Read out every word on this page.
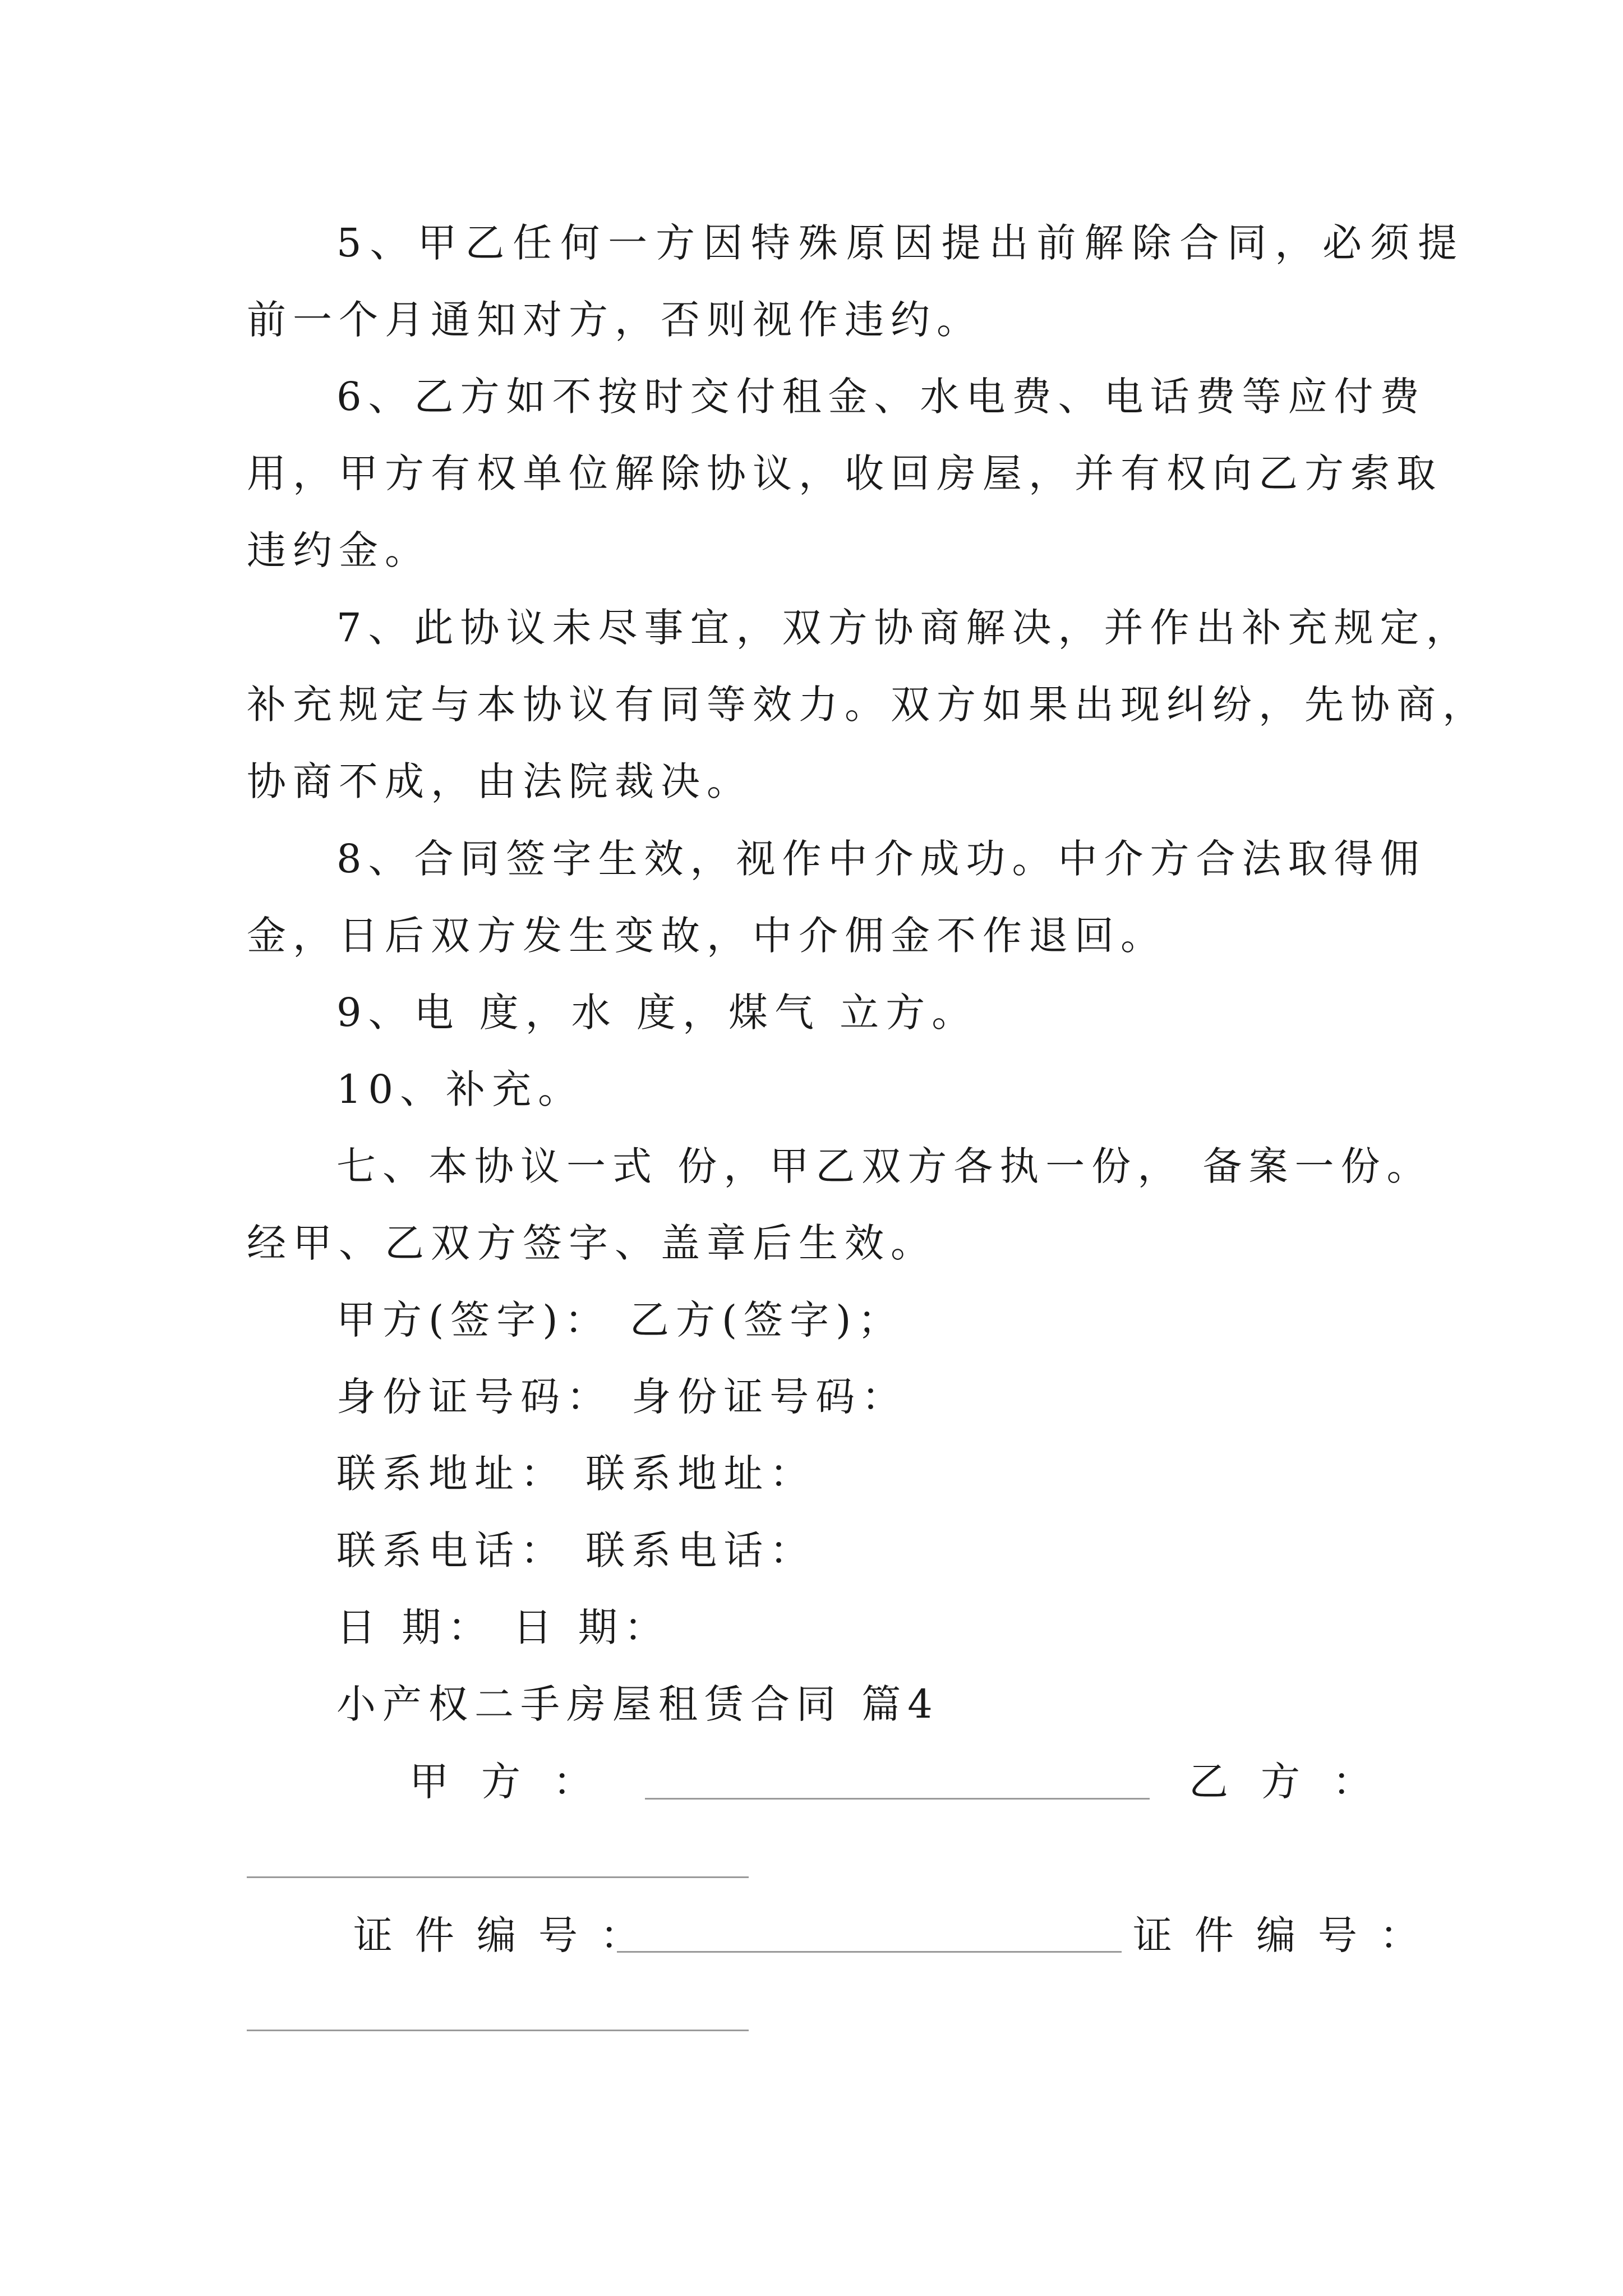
5、甲乙任何一方因特殊原因提出前解除合同，必须提
前一个月通知对方，否则视作违约。
6、乙方如不按时交付租金、水电费、电话费等应付费
用，甲方有权单位解除协议，收回房屋，并有权向乙方索取
违约金。
7、此协议未尽事宜，双方协商解决，并作出补充规定，
补充规定与本协议有同等效力。双方如果出现纠纷，先协商，
协商不成，由法院裁决。
8、合同签字生效，视作中介成功。中介方合法取得佣
金，日后双方发生变故，中介佣金不作退回。
9、电 度，水 度，煤气 立方。
10、补充。
七、本协议一式 份，甲乙双方各执一份， 备案一份。
经甲、乙双方签字、盖章后生效。
甲方(签字)： 乙方(签字)；
身份证号码： 身份证号码：
联系地址： 联系地址：
联系电话： 联系电话：
日 期： 日 期：
小产权二手房屋租赁合同 篇4
甲方：	乙方：
证件编号：	证件编号：
